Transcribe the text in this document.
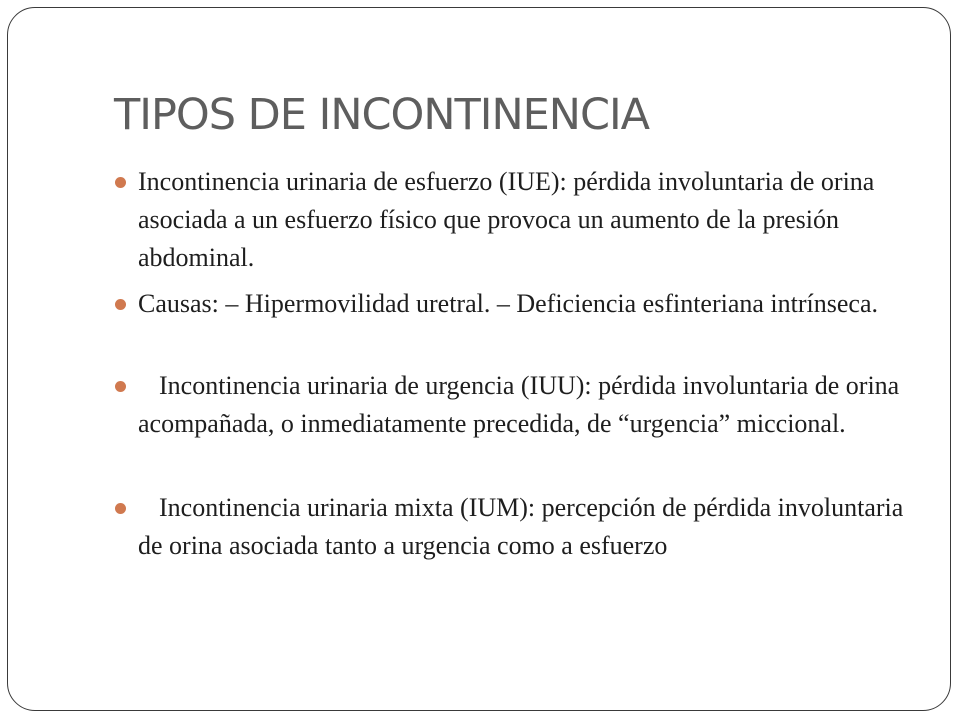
TIPOS DE INCONTINENCIA
Incontinencia urinaria de esfuerzo (IUE): pérdida involuntaria de orina asociada a un esfuerzo físico que provoca un aumento de la presión abdominal.
Causas: – Hipermovilidad uretral. – Deficiencia esfinteriana intrínseca.
Incontinencia urinaria de urgencia (IUU): pérdida involuntaria de orina acompañada, o inmediatamente precedida, de “urgencia” miccional.
Incontinencia urinaria mixta (IUM): percepción de pérdida involuntaria de orina asociada tanto a urgencia como a esfuerzo
